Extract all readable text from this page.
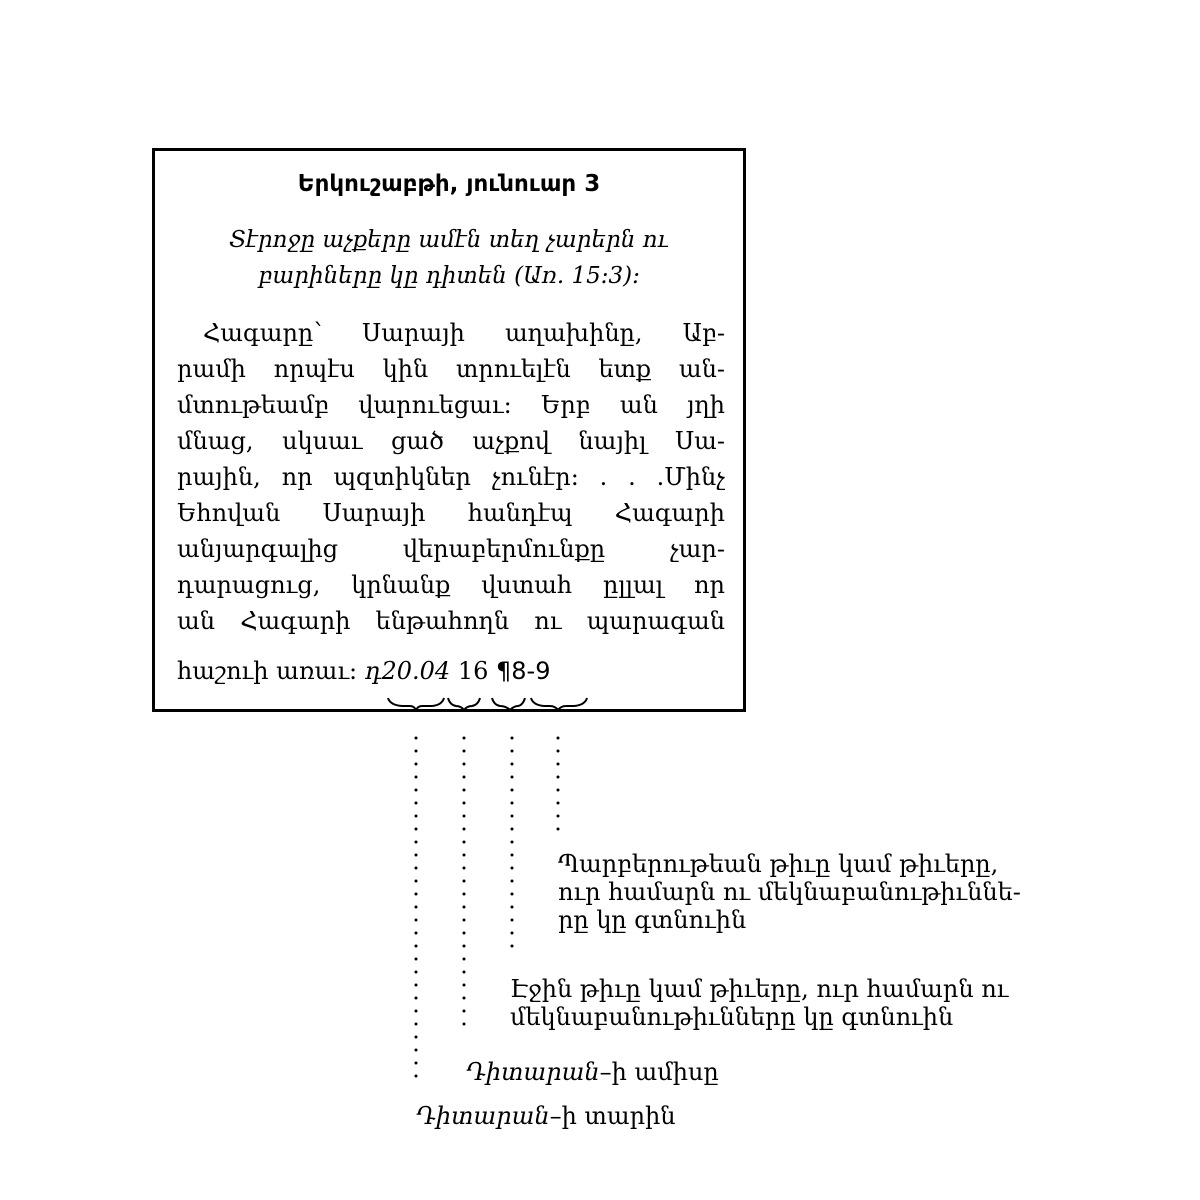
Երկուշաբթի, յունուար 3
Տէրոջը աչքերը ամէն տեղ չարերն ու
բարիները կը դիտեն (Առ. 15:3):
Հագարը՝ Սարայի աղախինը, Աբ-
րամի որպէս կին տրուելէն ետք ան-
մտութեամբ վարուեցաւ: Երբ ան յղի
մնաց, սկսաւ ցած աչքով նայիլ Սա-
րային, որ պզտիկներ չունէր: . . .Մինչ
Եհովան Սարայի հանդէպ Հագարի
անյարգալից վերաբերմունքը չար-
դարացուց, կրնանք վստահ ըլլալ որ
ան Հագարի ենթահողն ու պարագան
հաշուի առաւ: դ20.04 16 ¶8-9
Պարբերութեան թիւը կամ թիւերը,
ուր համարն ու մեկնաբանութիւննե-
րը կը գտնուին
Էջին թիւը կամ թիւերը, ուր համարն ու
մեկնաբանութիւնները կը գտնուին
Դիտարան–ի ամիսը
Դիտարան–ի տարին
